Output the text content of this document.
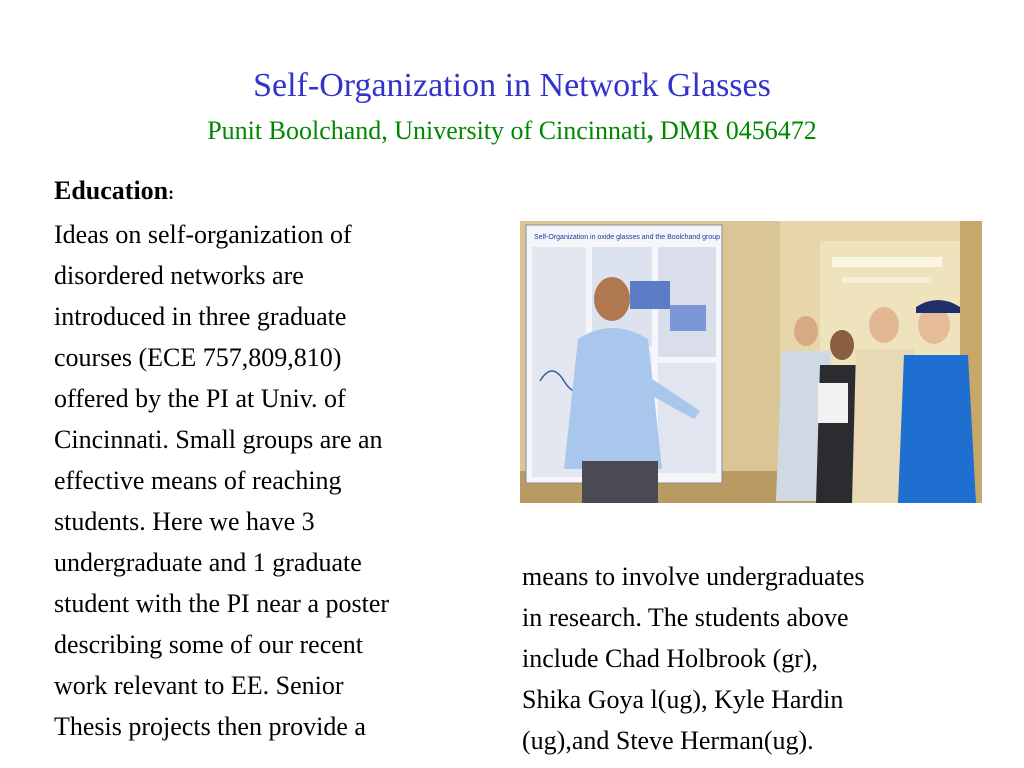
Self-Organization in Network Glasses
Punit Boolchand, University of Cincinnati, DMR 0456472
Education:
Ideas on self-organization of
disordered networks are
introduced in three graduate
courses (ECE 757,809,810)
offered by the PI at Univ. of
Cincinnati. Small groups are an
effective means of reaching
students. Here we have 3
undergraduate and 1 graduate
student with the PI near a poster
describing some of our recent
work relevant to EE. Senior
Thesis projects then provide a
Self-Organization in oxide glasses and the Boolchand group
means to involve undergraduates
in research. The students above
include Chad Holbrook (gr),
Shika Goya l(ug), Kyle Hardin
(ug),and Steve Herman(ug).
